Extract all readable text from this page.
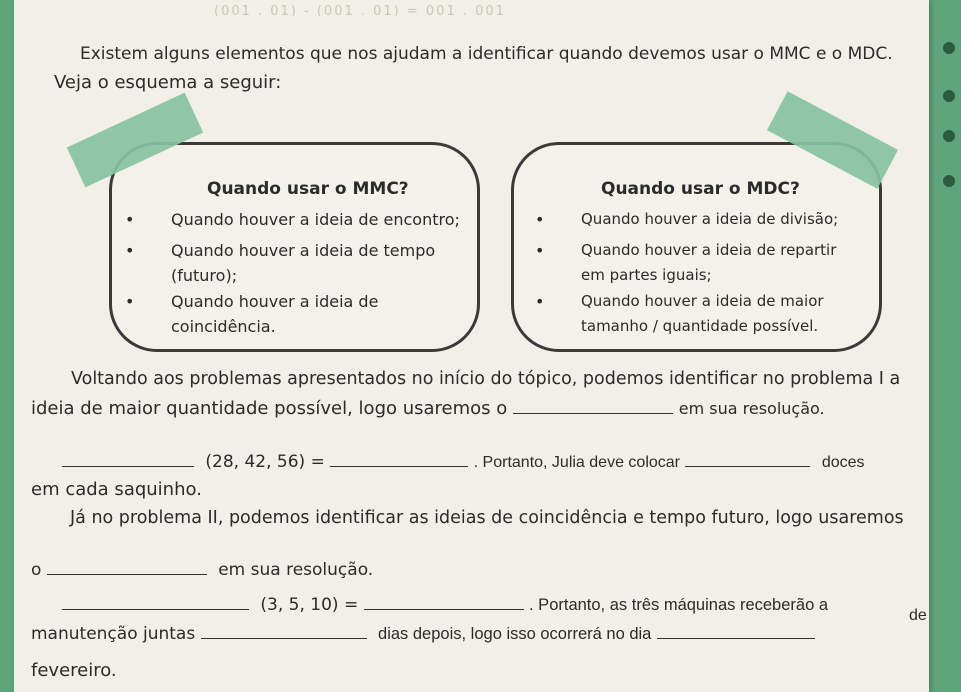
(001 . 01) - (001 . 01) = 001 . 001
Existem alguns elementos que nos ajudam a identificar quando devemos usar o MMC e o MDC.
Veja o esquema a seguir:
Quando usar o MMC?
• Quando houver a ideia de encontro;
• Quando houver a ideia de tempo (futuro);
• Quando houver a ideia de coincidência.
Quando usar o MDC?
• Quando houver a ideia de divisão;
• Quando houver a ideia de repartir em partes iguais;
• Quando houver a ideia de maior tamanho / quantidade possível.
Voltando aos problemas apresentados no início do tópico, podemos identificar no problema I a
ideia de maior quantidade possível, logo usaremos o	em sua resolução.
(28, 42, 56) =	. Portanto, Julia deve colocar	doces
em cada saquinho.
Já no problema II, podemos identificar as ideias de coincidência e tempo futuro, logo usaremos
o	em sua resolução.
(3, 5, 10) =	. Portanto, as três máquinas receberão a
de
manutenção juntas	dias depois, logo isso ocorrerá no dia
fevereiro.
